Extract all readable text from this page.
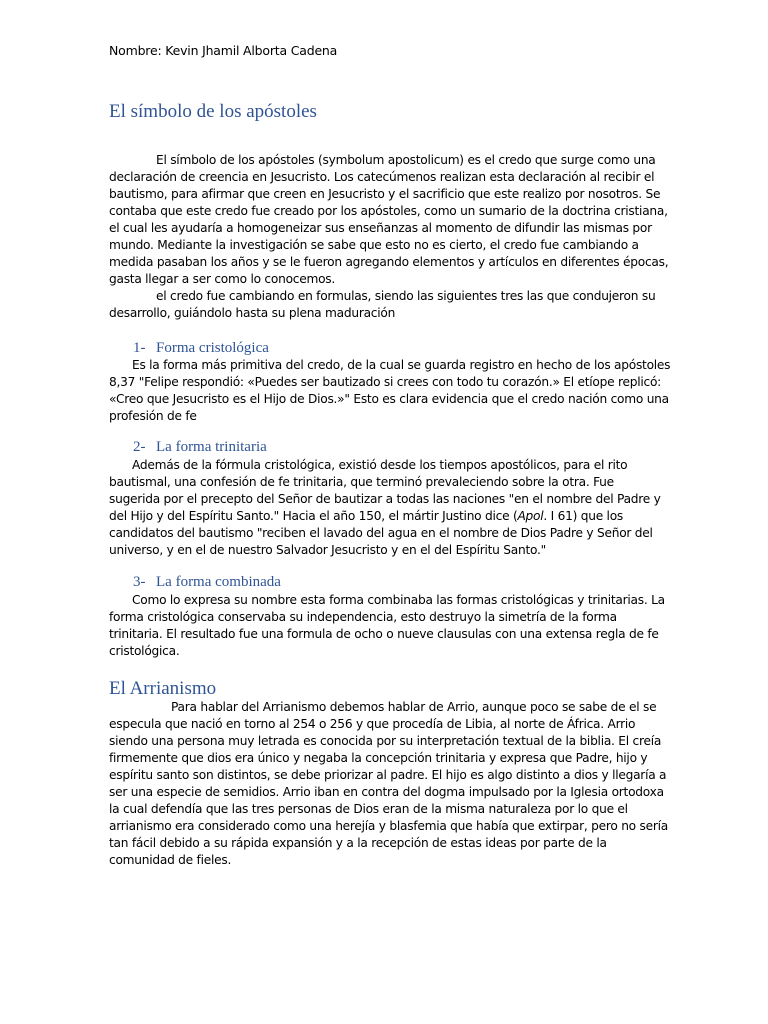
Nombre: Kevin Jhamil Alborta Cadena
El símbolo de los apóstoles

El símbolo de los apóstoles (symbolum apostolicum) es el credo que surge como una
declaración de creencia en Jesucristo. Los catecúmenos realizan esta declaración al recibir el
bautismo, para afirmar que creen en Jesucristo y el sacrificio que este realizo por nosotros. Se
contaba que este credo fue creado por los apóstoles, como un sumario de la doctrina cristiana,
el cual les ayudaría a homogeneizar sus enseñanzas al momento de difundir las mismas por
mundo. Mediante la investigación se sabe que esto no es cierto, el credo fue cambiando a
medida pasaban los años y se le fueron agregando elementos y artículos en diferentes épocas,
gasta llegar a ser como lo conocemos.
el credo fue cambiando en formulas, siendo las siguientes tres las que condujeron su
desarrollo, guiándolo hasta su plena maduración

1- Forma cristológica

Es la forma más primitiva del credo, de la cual se guarda registro en hecho de los apóstoles
8,37 "Felipe respondió: «Puedes ser bautizado si crees con todo tu corazón.» El etíope replicó:
«Creo que Jesucristo es el Hijo de Dios.»" Esto es clara evidencia que el credo nación como una
profesión de fe

2- La forma trinitaria

Además de la fórmula cristológica, existió desde los tiempos apostólicos, para el rito
bautismal, una confesión de fe trinitaria, que terminó prevaleciendo sobre la otra. Fue
sugerida por el precepto del Señor de bautizar a todas las naciones "en el nombre del Padre y
del Hijo y del Espíritu Santo." Hacia el año 150, el mártir Justino dice (Apol. I 61) que los
candidatos del bautismo "reciben el lavado del agua en el nombre de Dios Padre y Señor del
universo, y en el de nuestro Salvador Jesucristo y en el del Espíritu Santo."

3- La forma combinada

Como lo expresa su nombre esta forma combinaba las formas cristológicas y trinitarias. La
forma cristológica conservaba su independencia, esto destruyo la simetría de la forma
trinitaria. El resultado fue una formula de ocho o nueve clausulas con una extensa regla de fe
cristológica.

El Arrianismo

Para hablar del Arrianismo debemos hablar de Arrio, aunque poco se sabe de el se
especula que nació en torno al 254 o 256 y que procedía de Libia, al norte de África. Arrio
siendo una persona muy letrada es conocida por su interpretación textual de la biblia. El creía
firmemente que dios era único y negaba la concepción trinitaria y expresa que Padre, hijo y
espíritu santo son distintos, se debe priorizar al padre. El hijo es algo distinto a dios y llegaría a
ser una especie de semidios. Arrio iban en contra del dogma impulsado por la Iglesia ortodoxa
la cual defendía que las tres personas de Dios eran de la misma naturaleza por lo que el
arrianismo era considerado como una herejía y blasfemia que había que extirpar, pero no sería
tan fácil debido a su rápida expansión y a la recepción de estas ideas por parte de la
comunidad de fieles.
